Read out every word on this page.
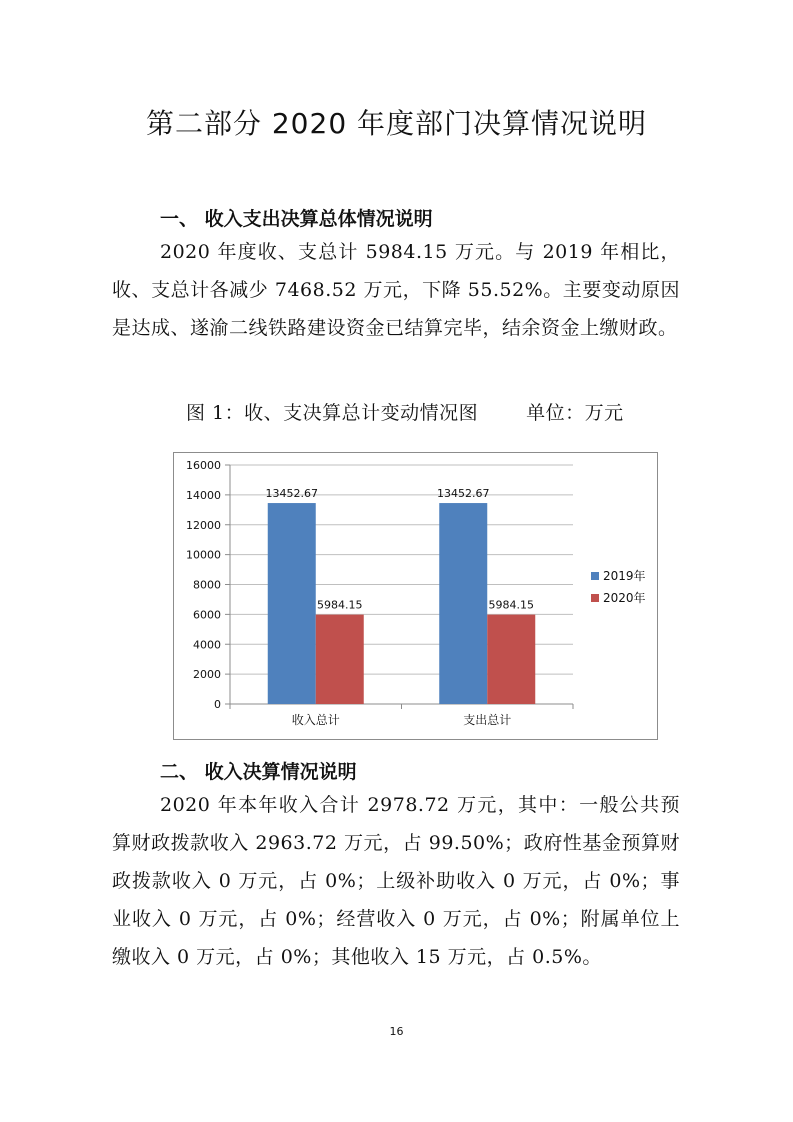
第二部分 2020 年度部门决算情况说明
一、 收入支出决算总体情况说明
2020 年度收、支总计 5984.15 万元。与 2019 年相比，收、支总计各减少 7468.52 万元，下降 55.52%。主要变动原因是达成、遂渝二线铁路建设资金已结算完毕，结余资金上缴财政。
图 1：收、支决算总计变动情况图	单位：万元
0
2000
4000
6000
8000
10000
12000
14000
16000
13452.67
5984.15
13452.67
5984.15
收入总计	支出总计
2019年
2020年
二、 收入决算情况说明
2020 年本年收入合计 2978.72 万元，其中：一般公共预算财政拨款收入 2963.72 万元，占 99.50%；政府性基金预算财政拨款收入 0 万元，占 0%；上级补助收入 0 万元，占 0%；事业收入 0 万元，占 0%；经营收入 0 万元，占 0%；附属单位上缴收入 0 万元，占 0%；其他收入 15 万元，占 0.5%。
16
